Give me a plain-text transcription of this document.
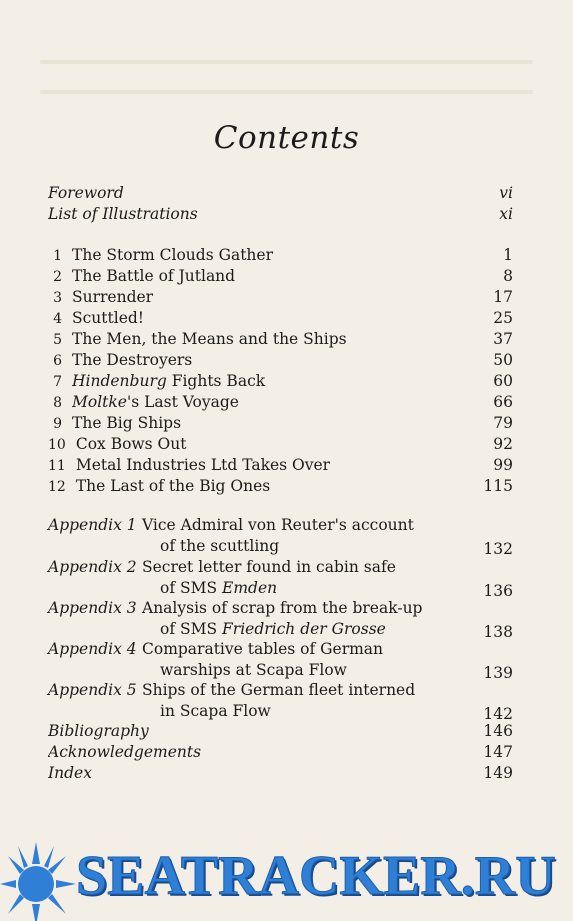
Contents
Foreword	vi
List of Illustrations	xi
1 The Storm Clouds Gather	1
2 The Battle of Jutland	8
3 Surrender	17
4 Scuttled!	25
5 The Men, the Means and the Ships	37
6 The Destroyers	50
7 Hindenburg Fights Back	60
8 Moltke's Last Voyage	66
9 The Big Ships	79
10 Cox Bows Out	92
11 Metal Industries Ltd Takes Over	99
12 The Last of the Big Ones	115
Appendix 1 Vice Admiral von Reuter's account
of the scuttling	132
Appendix 2 Secret letter found in cabin safe
of SMS Emden	136
Appendix 3 Analysis of scrap from the break-up
of SMS Friedrich der Grosse	138
Appendix 4 Comparative tables of German
warships at Scapa Flow	139
Appendix 5 Ships of the German fleet interned
in Scapa Flow	142
Bibliography	146
Acknowledgements	147
Index	149
SEATRACKER.RU
